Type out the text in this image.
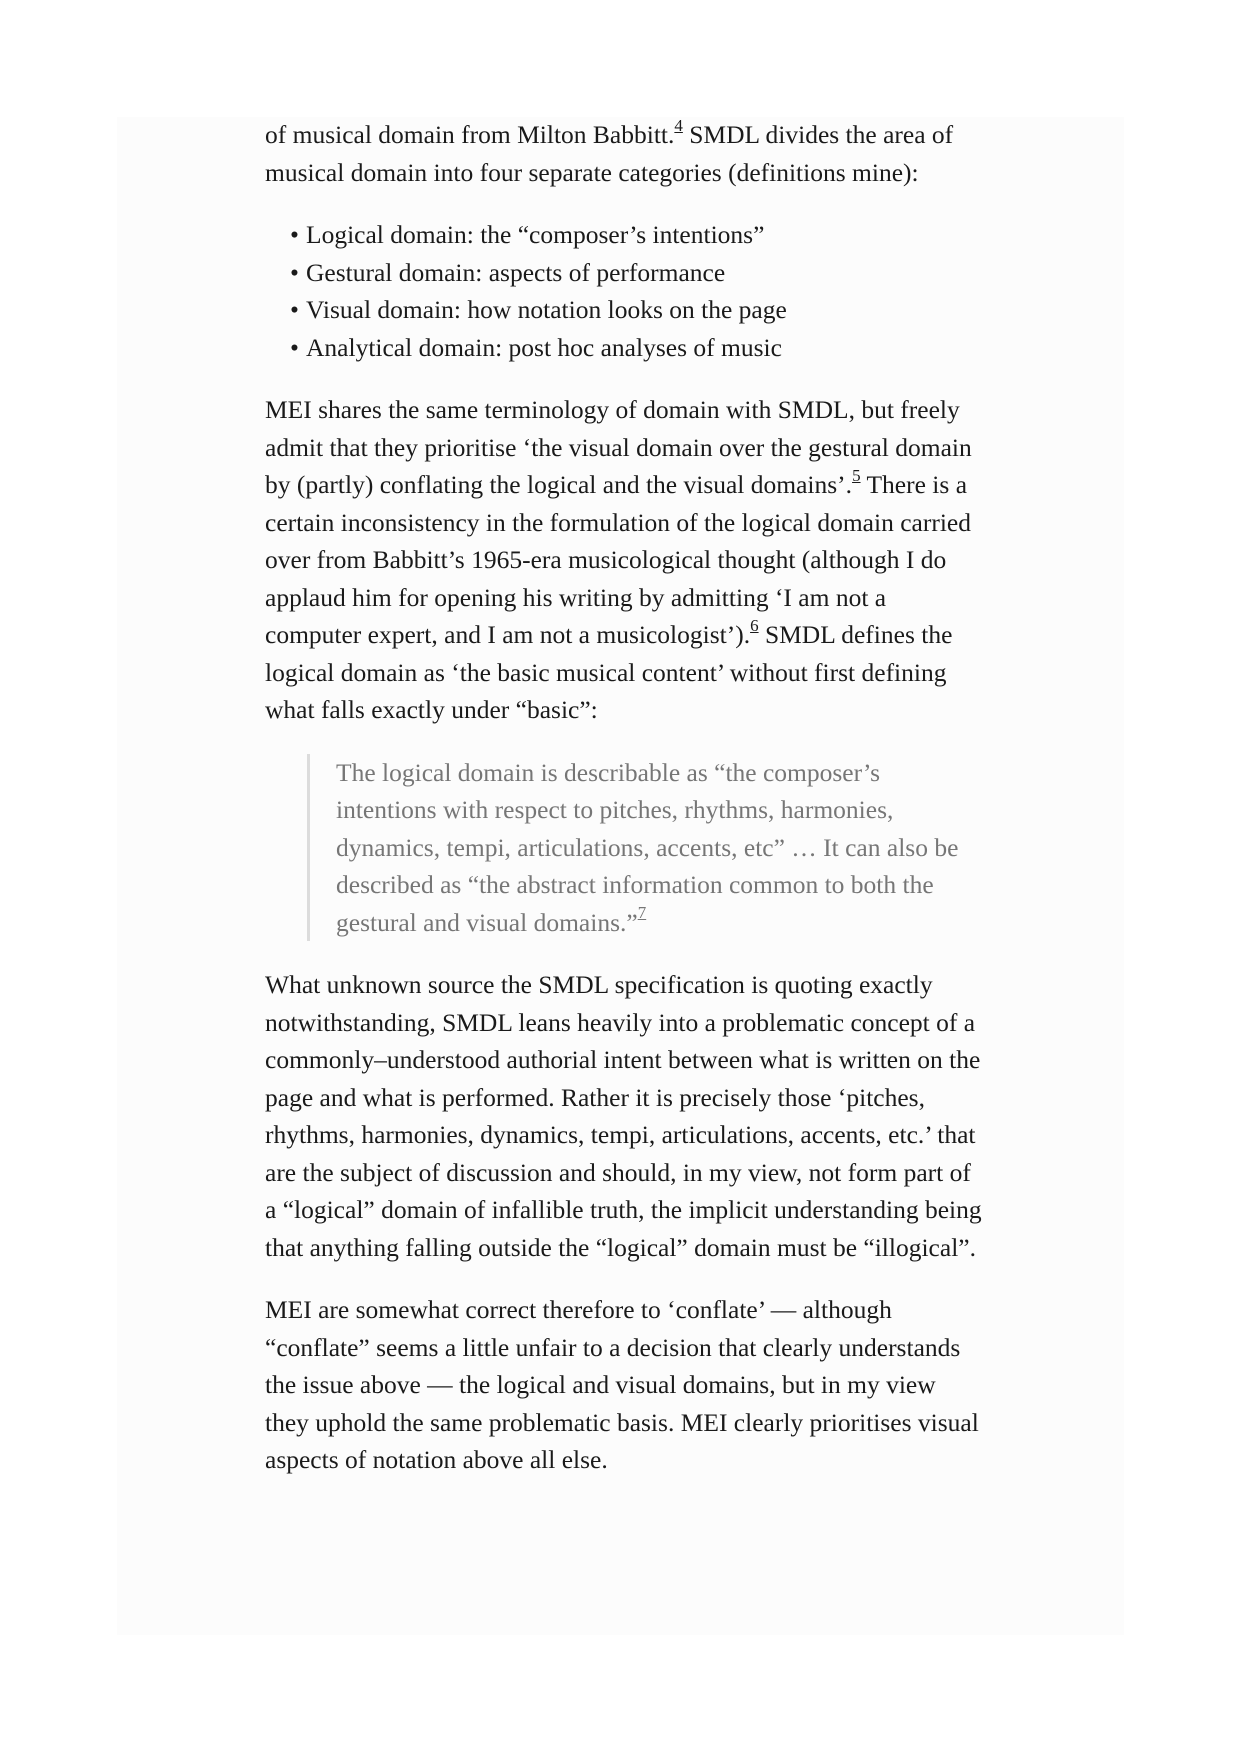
of musical domain from Milton Babbitt.$^4$ SMDL divides the area of musical domain into four separate categories (definitions mine):

• Logical domain: the “composer’s intentions”
• Gestural domain: aspects of performance
• Visual domain: how notation looks on the page
• Analytical domain: post hoc analyses of music

MEI shares the same terminology of domain with SMDL, but freely admit that they prioritise ‘the visual domain over the gestural domain by (partly) conflating the logical and the visual domains’.$^5$ There is a certain inconsistency in the formulation of the logical domain carried over from Babbitt’s 1965-era musicological thought (although I do applaud him for opening his writing by admitting ‘I am not a computer expert, and I am not a musicologist’).$^6$ SMDL defines the logical domain as ‘the basic musical content’ without first defining what falls exactly under “basic”:

The logical domain is describable as “the composer’s intentions with respect to pitches, rhythms, harmonies, dynamics, tempi, articulations, accents, etc” … It can also be described as “the abstract information common to both the gestural and visual domains.”$^7$

What unknown source the SMDL specification is quoting exactly notwithstanding, SMDL leans heavily into a problematic concept of a commonly–understood authorial intent between what is written on the page and what is performed. Rather it is precisely those ‘pitches, rhythms, harmonies, dynamics, tempi, articulations, accents, etc.’ that are the subject of discussion and should, in my view, not form part of a “logical” domain of infallible truth, the implicit understanding being that anything falling outside the “logical” domain must be “illogical”.

MEI are somewhat correct therefore to ‘conflate’ — although “conflate” seems a little unfair to a decision that clearly understands the issue above — the logical and visual domains, but in my view they uphold the same problematic basis. MEI clearly prioritises visual aspects of notation above all else.
